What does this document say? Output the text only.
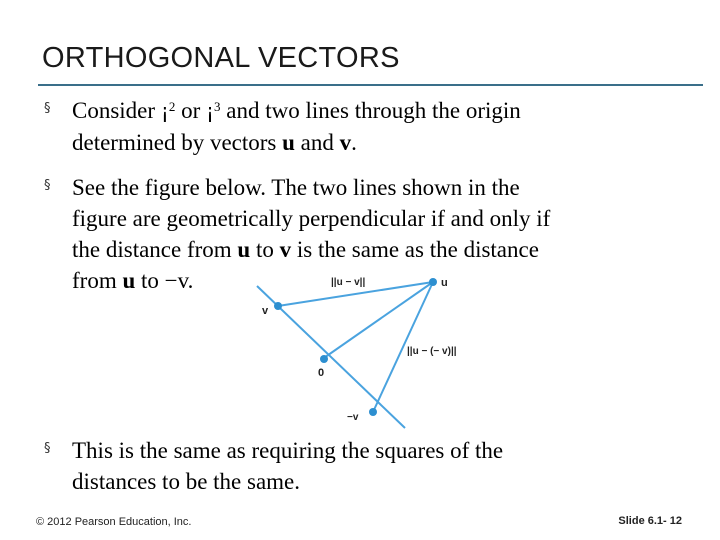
ORTHOGONAL VECTORS
§ Consider ¡$^2$ or ¡$^3$ and two lines through the origin
determined by vectors u and v.
§ See the figure below. The two lines shown in the
figure are geometrically perpendicular if and only if
the distance from u to v is the same as the distance
from u to −v.	||u − v||	u
v
||u − (− v)||
0
−v
§ This is the same as requiring the squares of the
distances to be the same.
© 2012 Pearson Education, Inc.	Slide 6.1- 12
